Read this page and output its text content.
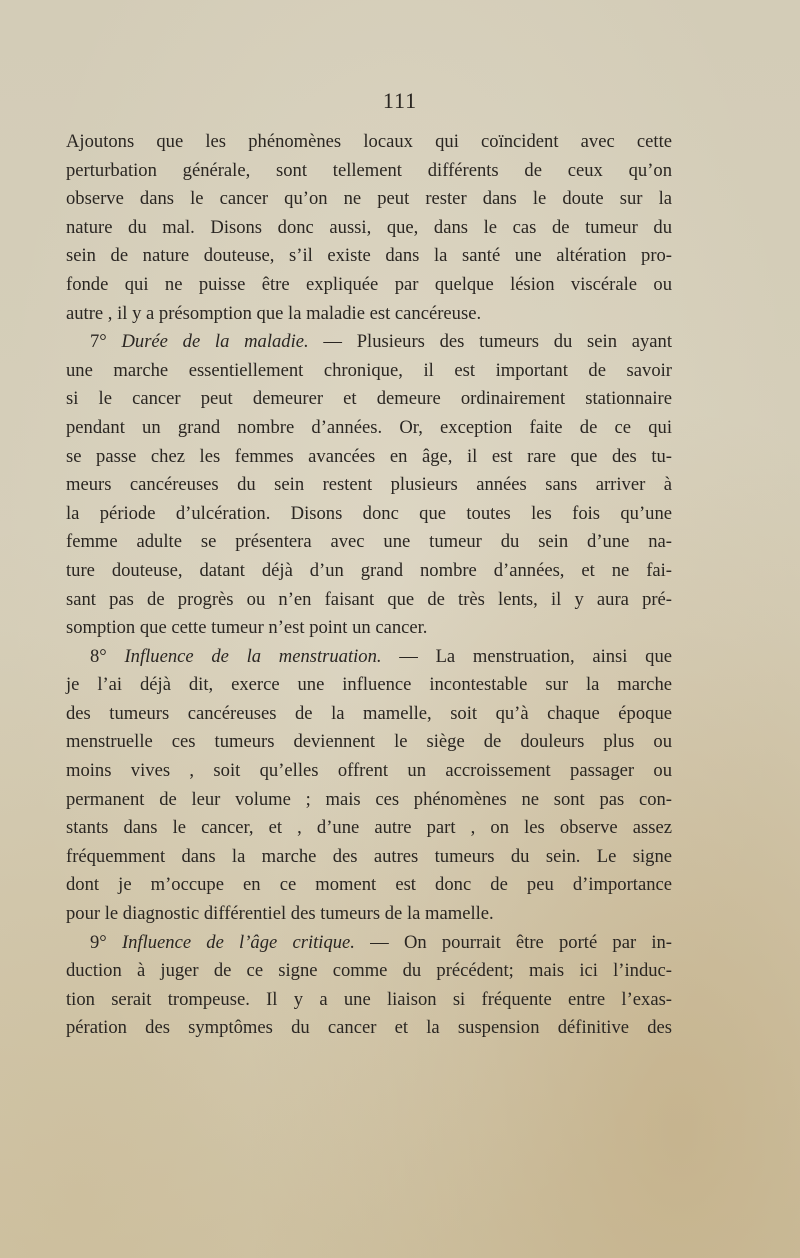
111
Ajoutons que les phénomènes locaux qui coïncident avec cette
perturbation générale, sont tellement différents de ceux qu’on
observe dans le cancer qu’on ne peut rester dans le doute sur la
nature du mal. Disons donc aussi, que, dans le cas de tumeur du
sein de nature douteuse, s’il existe dans la santé une altération pro-
fonde qui ne puisse être expliquée par quelque lésion viscérale ou
autre , il y a présomption que la maladie est cancéreuse.
7° Durée de la maladie. — Plusieurs des tumeurs du sein ayant
une marche essentiellement chronique, il est important de savoir
si le cancer peut demeurer et demeure ordinairement stationnaire
pendant un grand nombre d’années. Or, exception faite de ce qui
se passe chez les femmes avancées en âge, il est rare que des tu-
meurs cancéreuses du sein restent plusieurs années sans arriver à
la période d’ulcération. Disons donc que toutes les fois qu’une
femme adulte se présentera avec une tumeur du sein d’une na-
ture douteuse, datant déjà d’un grand nombre d’années, et ne fai-
sant pas de progrès ou n’en faisant que de très lents, il y aura pré-
somption que cette tumeur n’est point un cancer.
8° Influence de la menstruation. — La menstruation, ainsi que
je l’ai déjà dit, exerce une influence incontestable sur la marche
des tumeurs cancéreuses de la mamelle, soit qu’à chaque époque
menstruelle ces tumeurs deviennent le siège de douleurs plus ou
moins vives , soit qu’elles offrent un accroissement passager ou
permanent de leur volume ; mais ces phénomènes ne sont pas con-
stants dans le cancer, et , d’une autre part , on les observe assez
fréquemment dans la marche des autres tumeurs du sein. Le signe
dont je m’occupe en ce moment est donc de peu d’importance
pour le diagnostic différentiel des tumeurs de la mamelle.
9° Influence de l’âge critique. — On pourrait être porté par in-
duction à juger de ce signe comme du précédent; mais ici l’induc-
tion serait trompeuse. Il y a une liaison si fréquente entre l’exas-
pération des symptômes du cancer et la suspension définitive des
